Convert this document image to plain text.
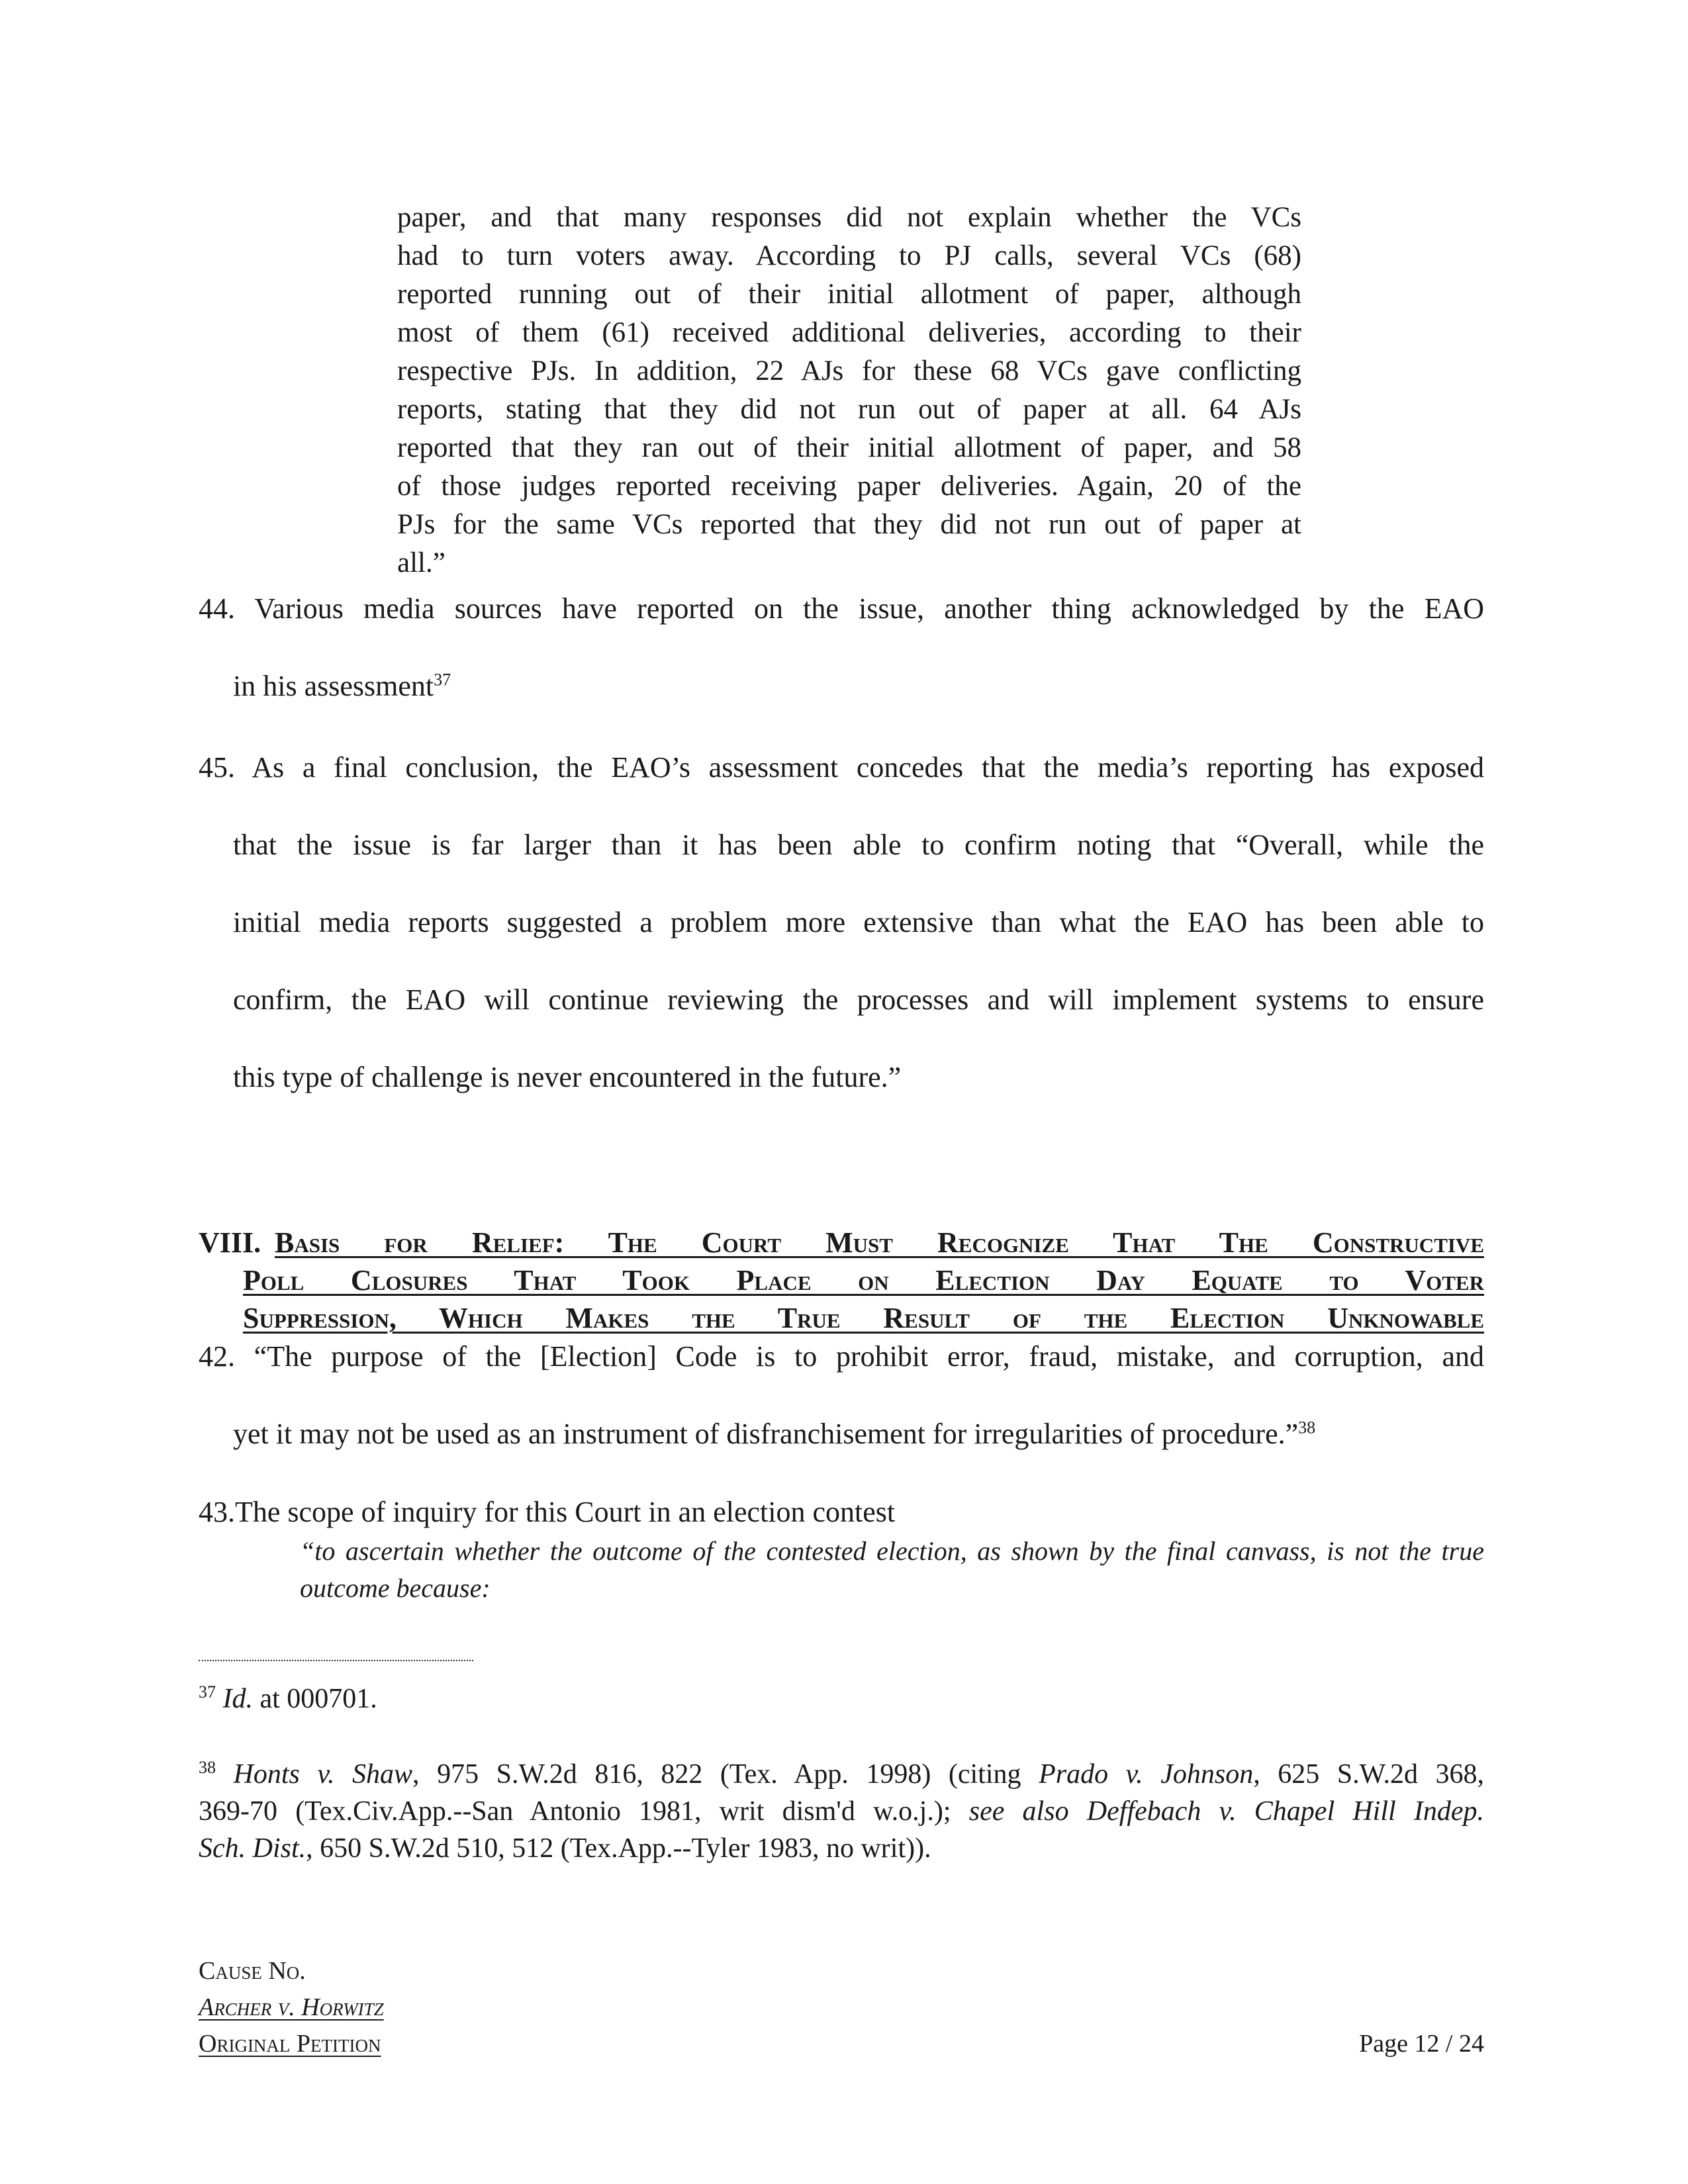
paper, and that many responses did not explain whether the VCs
had to turn voters away. According to PJ calls, several VCs (68)
reported running out of their initial allotment of paper, although
most of them (61) received additional deliveries, according to their
respective PJs. In addition, 22 AJs for these 68 VCs gave conflicting
reports, stating that they did not run out of paper at all. 64 AJs
reported that they ran out of their initial allotment of paper, and 58
of those judges reported receiving paper deliveries. Again, 20 of the
PJs for the same VCs reported that they did not run out of paper at
all.”
44. Various media sources have reported on the issue, another thing acknowledged by the EAO
in his assessment$^{37}$
45. As a final conclusion, the EAO’s assessment concedes that the media’s reporting has exposed
that the issue is far larger than it has been able to confirm noting that “Overall, while the
initial media reports suggested a problem more extensive than what the EAO has been able to
confirm, the EAO will continue reviewing the processes and will implement systems to ensure
this type of challenge is never encountered in the future.”
VIII. Basis for Relief: The Court Must Recognize That The Constructive
Poll Closures That Took Place on Election Day Equate to Voter
Suppression, Which Makes the True Result of the Election Unknowable
42. “The purpose of the [Election] Code is to prohibit error, fraud, mistake, and corruption, and
yet it may not be used as an instrument of disfranchisement for irregularities of procedure.”$^{38}$
43.The scope of inquiry for this Court in an election contest
“to ascertain whether the outcome of the contested election, as shown by the final canvass, is not the true
outcome because:
$^{37}$ Id. at 000701.
$^{38}$ Honts v. Shaw, 975 S.W.2d 816, 822 (Tex. App. 1998) (citing Prado v. Johnson, 625 S.W.2d 368,
369-70 (Tex.Civ.App.--San Antonio 1981, writ dism'd w.o.j.); see also Deffebach v. Chapel Hill Indep.
Sch. Dist., 650 S.W.2d 510, 512 (Tex.App.--Tyler 1983, no writ)).
Cause No.
Archer v. Horwitz
Original Petition	Page 12 / 24
